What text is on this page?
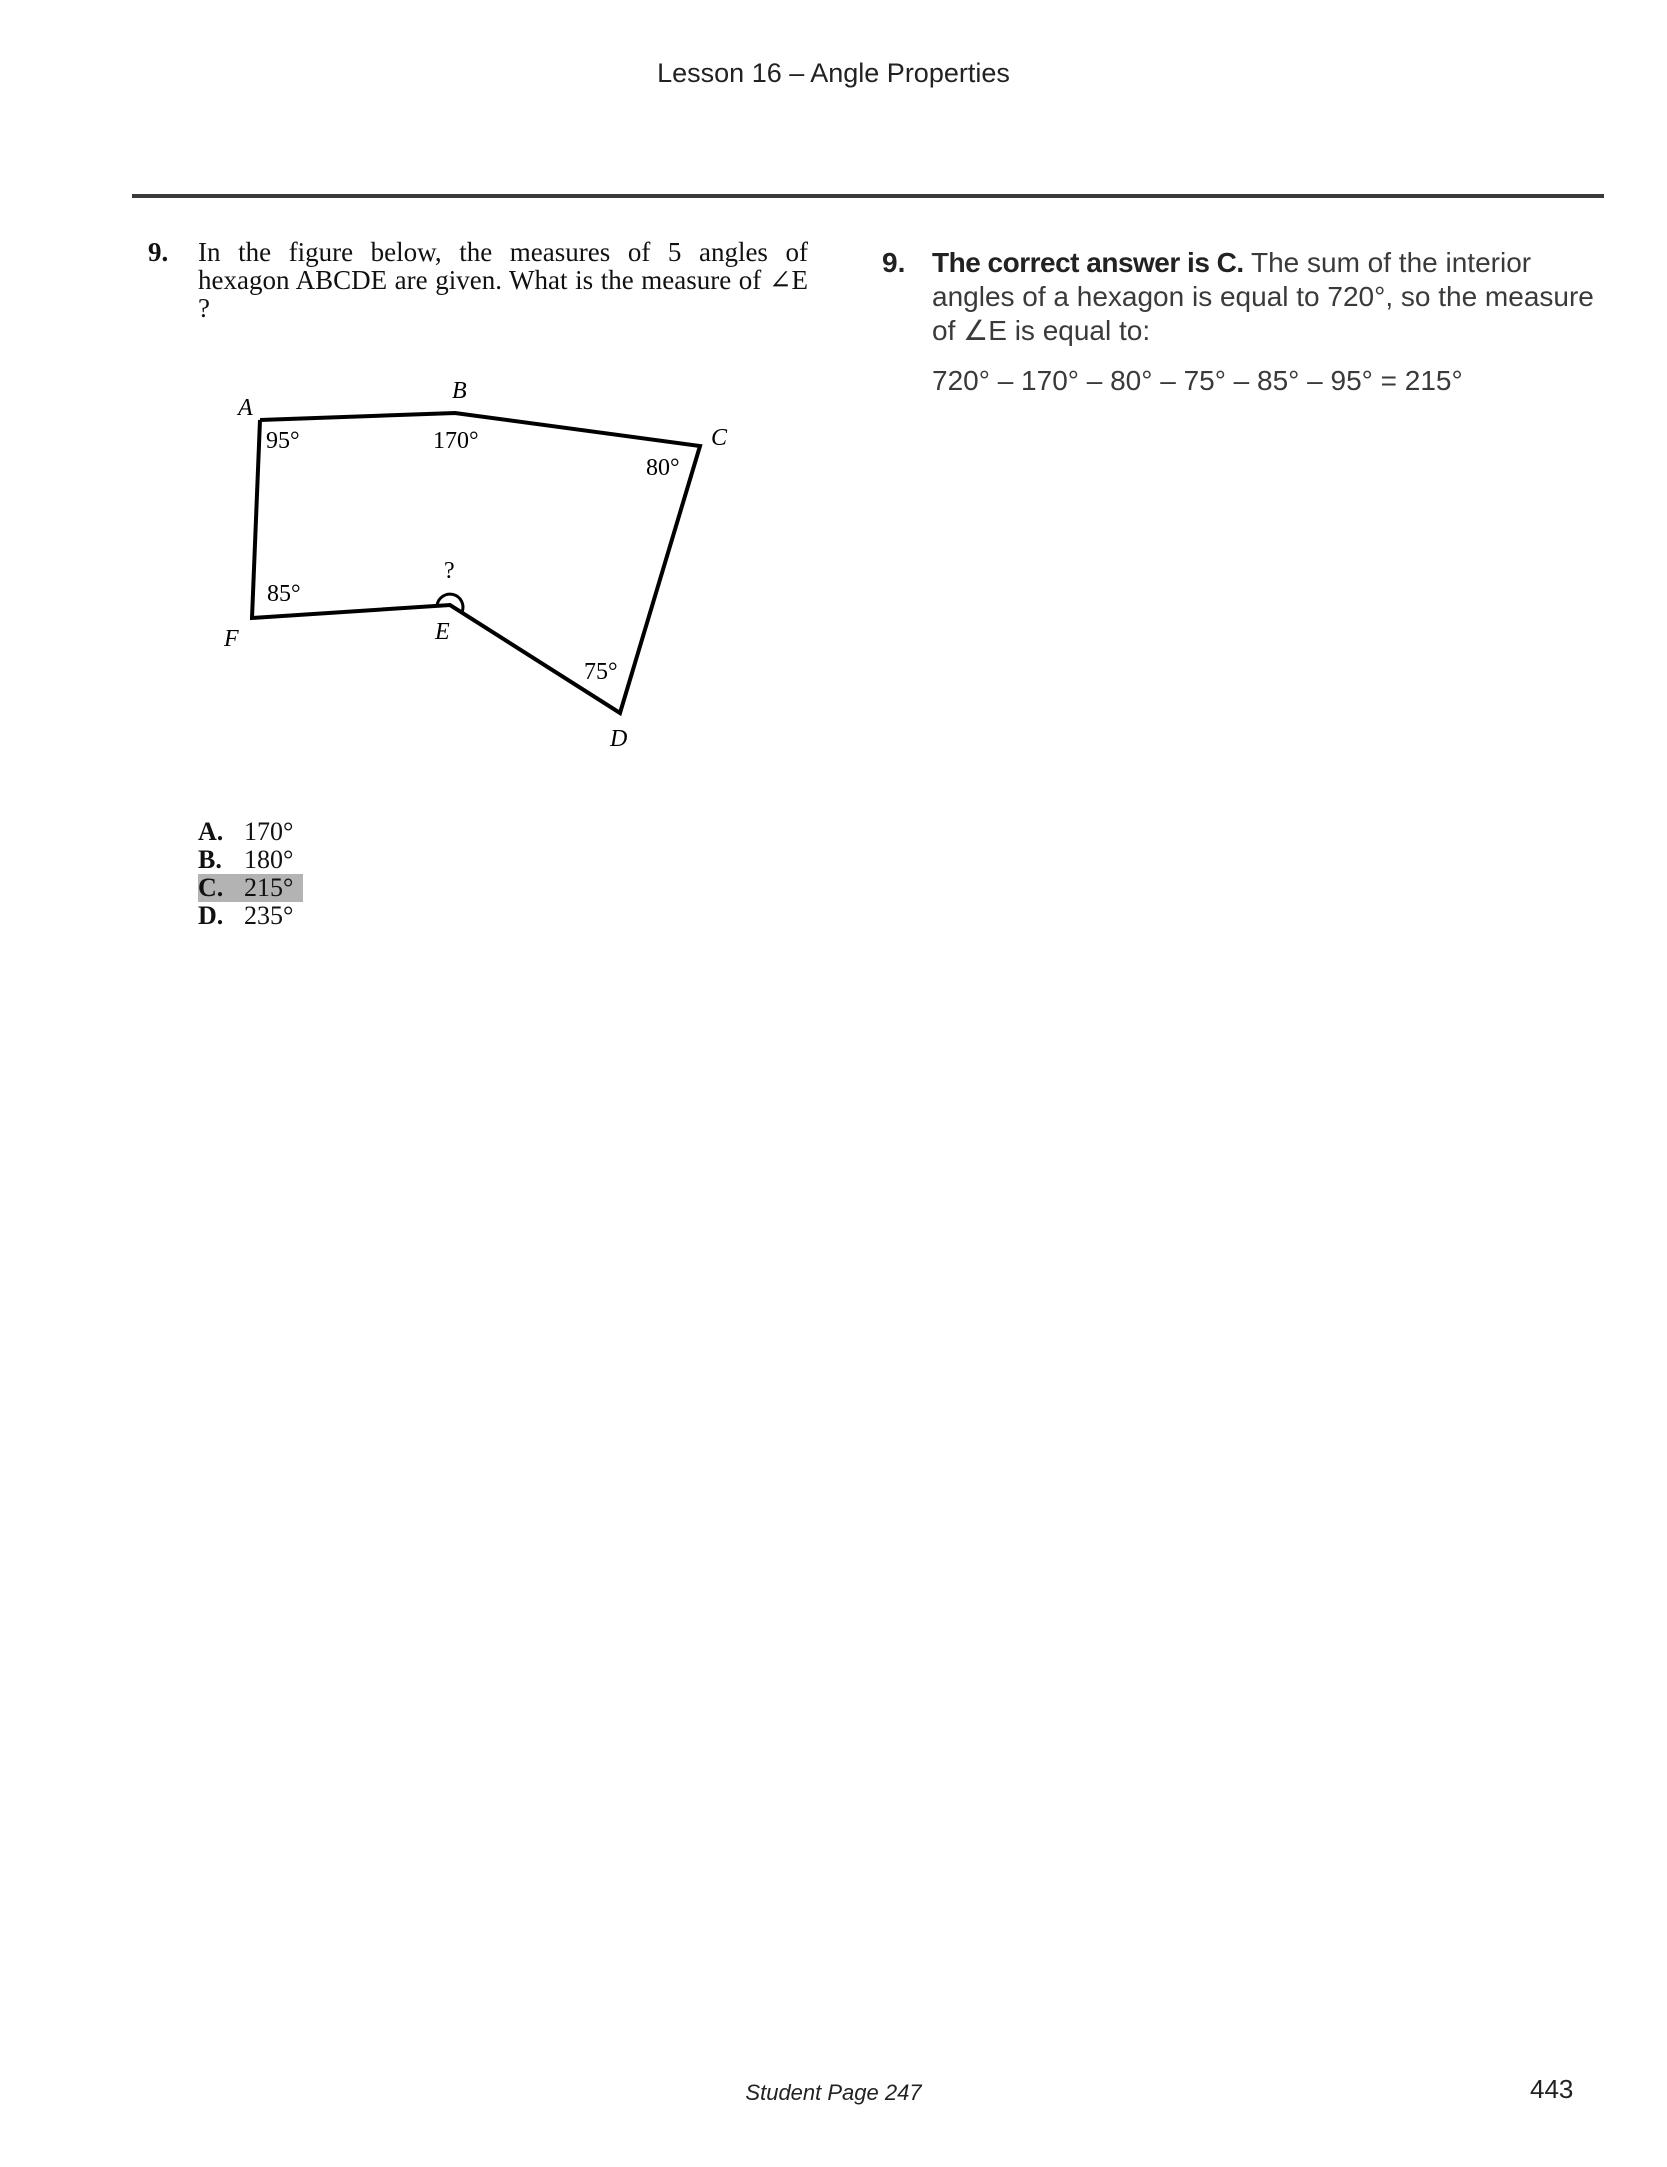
Lesson 16 – Angle Properties
9. In the figure below, the measures of 5 angles of hexagon ABCDE are given. What is the measure of ∠E ?
A
B
C
D
E
F
95°	170°
80°
75°
85°
?
A. 170°
B. 180°
C. 215°
D. 235°
9. The correct answer is C. The sum of the interior angles of a hexagon is equal to 720°, so the measure of ∠E is equal to:
720° – 170° – 80° – 75° – 85° – 95° = 215°
Student Page 247	443
